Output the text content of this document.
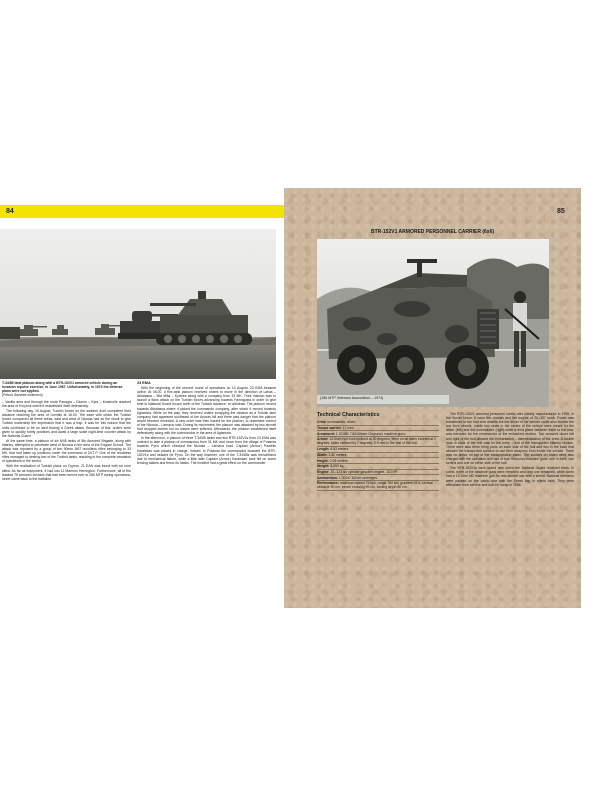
84
T-34/85 tank platoon along with a BTR-152V1 armored vehicle during an invasion repulse exercise, in June 1967. Unfortunately, in 1974 the defense plans were not applied.
(Petros Savvidis collection)

– Vavilla area and through the route Panagra – Diorios – Kyra – Kotsinotis reached the area of Evryhos where it established itself defensively.

The following day, 16 August, Turkish forces on the western front completed their advance reaching the area of Limnitis at 16.00. The ease with which the Turkish forces conquered all these areas, east and west of Nicosia had as the result to give Turkish leadership the impression that it was a trap. It was for this reason that the units continued to be on alert fearing a Greek attack. Because of this, orders were given to quickly fortify positions and await a large scale night-time counter attack by the National Guard.

At the same time, a platoon of six M48 tanks of 5th Armored Brigade, along with infantry, attempted to penetrate west of Nicosia in the area of the Engomi School. The attack was repulsed by a group of two 90mm M67 recoilless rifles belonging to 33 MK, that had taken up positions under the command of 2/LT P. One of the recoilless rifles managed to destroy two of the Turkish tanks, resulting in the complete cessation of operations in the sector.

With the realization of Turkish plans on Cyprus, 21 EAN was found with six men killed. As far as equipment, it had lost 11 Marmon Herrington. Furthermore, all of the tracked T5 armored vehicles that had been turned over to 286 MTP during operations, never came back to the battalion.

23 EMA

With the beginning of the second round of operations on 14 August, 23 EMA became active. At 06.00, a five-tank platoon received orders to move in the direction of Latsia – Athalassa – Mia Milia – Kythrea along with a company from 33 MK. Their mission was to launch a flank attack on the Turkish forces advancing towards Famagusta in order to give time to National Guard troops north of the Turkish advance, to withdraw. The platoon moved towards Athalassa where it picked the commando company, after which it moved towards Aglantzia. While on the way, they received orders scrapping the mission as a Turkish tank company had appeared southeast of the Aronas hill and there was danger that the platoon would become encircled. A new order was then issued for the platoon, to undertake control of the Nicosia – Larnaca road. During its movement, the platoon was attacked by two aircraft that dropped bombs but no losses were suffered. Afterwards, the platoon established itself defensively along with the commandos in the area of Aglantzia.

In the afternoon, a platoon of three T-34/85 tanks and two BTR-152V1s from 23 EMA was ordered to take a platoon of commandos from 31 MK and move from the village of Potamia towards Pyroi which checked the Nicosia – Larnaca road. Captain (Armor) Pantelis Karaiskas was placed in charge. Indeed, in Potamia the commandos boarded the BTR-152V1s and headed for Pyroi. On the way however, one of the T-34/85s was immobilized due to mechanical failure, while a little later Captain (Armor) Karaiskas' tank fell on some fencing stakes and threw its tracks. The incident had a great effect on the commander

85
BTR-152V1 ARMORED PERSONNEL CARRIER (6x6)
(286 MTP Veterans Association – 1974)
Technical Characteristics
Crew: commander, driver.
Troops carried: 17 men.
Armament: 1 SGMB 7.62x54mm Goryunov machine guns.
Armor: 13.5mm hull front inclined at 30 degrees, 9mm on all sides inclined at 0 degrees, sides inclined by 7 degrees, 6-9 mm in the rest of the hull.
Length: 6.83 meters.
Width: 2.32 meters.
Height: 2.05 meters.
Weight: 8,950 kg.
Engine: ZiL-123 six cylinder gasoline engine, 110 HP.
Ammunition: 1,000x7.62mm cartridges.
Performance: maximum speed 75 kph, range 780 km, gradient 55%, vertical obstacle 60 cm, trench crossing 69 cm, fording depth 80 cm.

The BTR-152V1 armored personnel carrier was initially manufactured in 1955, in the Soviet Union. It used the chassis and the engine of ZiL-157 truck. Power was transferred to the four rear wheels but the driver of the vehicle could also involve the two front wheels. Inside two seats in the centre of the vehicle were meant for the driver (left) and the commander (right) while a third place between them to the rear, was intended for the commander of the embarked section. Two armored doors left and right of the hull allowed the embarkation – disembarkation of the crew. A double door in back of the hull was for the entry – exit of the transported infantry section. There were also three firing ports on each side of the hull and two in the back that allowed the transported soldiers to use their weapons from inside the vehicle. There was no armor on top of the transportation cabin. The soldiers on board were also charged with the operation and use of four Goryunov machine guns, one in front, one behind and one on either side of the hull.

The BTR-152V1s were brand new when the National Guard received them. In some, three of the machine guns were removed and only one remained, while some had a 12.7mm M2 machine gun for anti-aircraft use with a shield. National emblems were painted on the cabin door with the Greek flag in shield form. They were withdrawn from service and sold for scrap in 1986.
